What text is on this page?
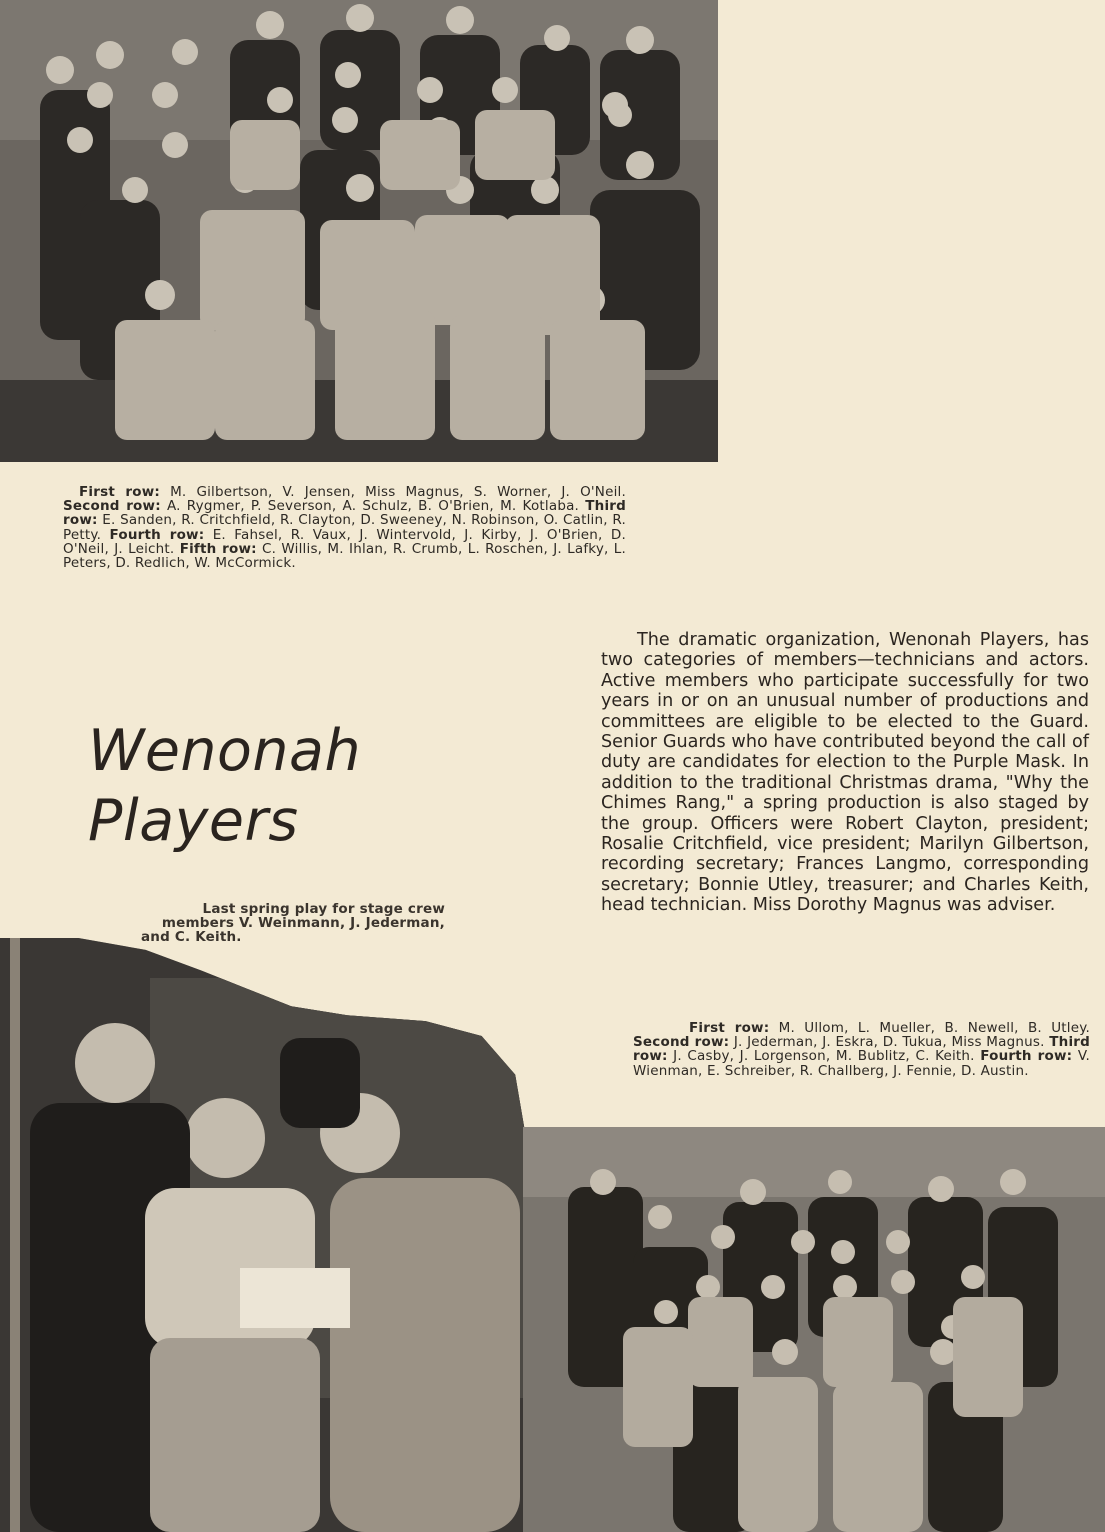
First row: M. Gilbertson, V. Jensen, Miss Magnus, S. Worner, J. O'Neil. Second row: A. Rygmer, P. Severson, A. Schulz, B. O'Brien, M. Kotlaba. Third row: E. Sanden, R. Critchfield, R. Clayton, D. Sweeney, N. Robinson, O. Catlin, R. Petty. Fourth row: E. Fahsel, R. Vaux, J. Wintervold, J. Kirby, J. O'Brien, D. O'Neil, J. Leicht. Fifth row: C. Willis, M. Ihlan, R. Crumb, L. Roschen, J. Lafky, L. Peters, D. Redlich, W. McCormick.
Wenonah Players
The dramatic organization, Wenonah Players, has two categories of members—technicians and actors. Active members who participate successfully for two years in or on an unusual number of productions and committees are eligible to be elected to the Guard. Senior Guards who have contributed beyond the call of duty are candidates for election to the Purple Mask. In addition to the traditional Christmas drama, "Why the Chimes Rang," a spring production is also staged by the group. Officers were Robert Clayton, president; Rosalie Critchfield, vice president; Marilyn Gilbertson, recording secretary; Frances Langmo, corresponding secretary; Bonnie Utley, treasurer; and Charles Keith, head technician. Miss Dorothy Magnus was adviser.
Last spring play for stage crew
members V. Weinmann, J. Jederman,
and C. Keith.
First row: M. Ullom, L. Mueller, B. Newell, B. Utley. Second row: J. Jederman, J. Eskra, D. Tukua, Miss Magnus. Third row: J. Casby, J. Lorgenson, M. Bublitz, C. Keith. Fourth row: V. Wienman, E. Schreiber, R. Challberg, J. Fennie, D. Austin.
